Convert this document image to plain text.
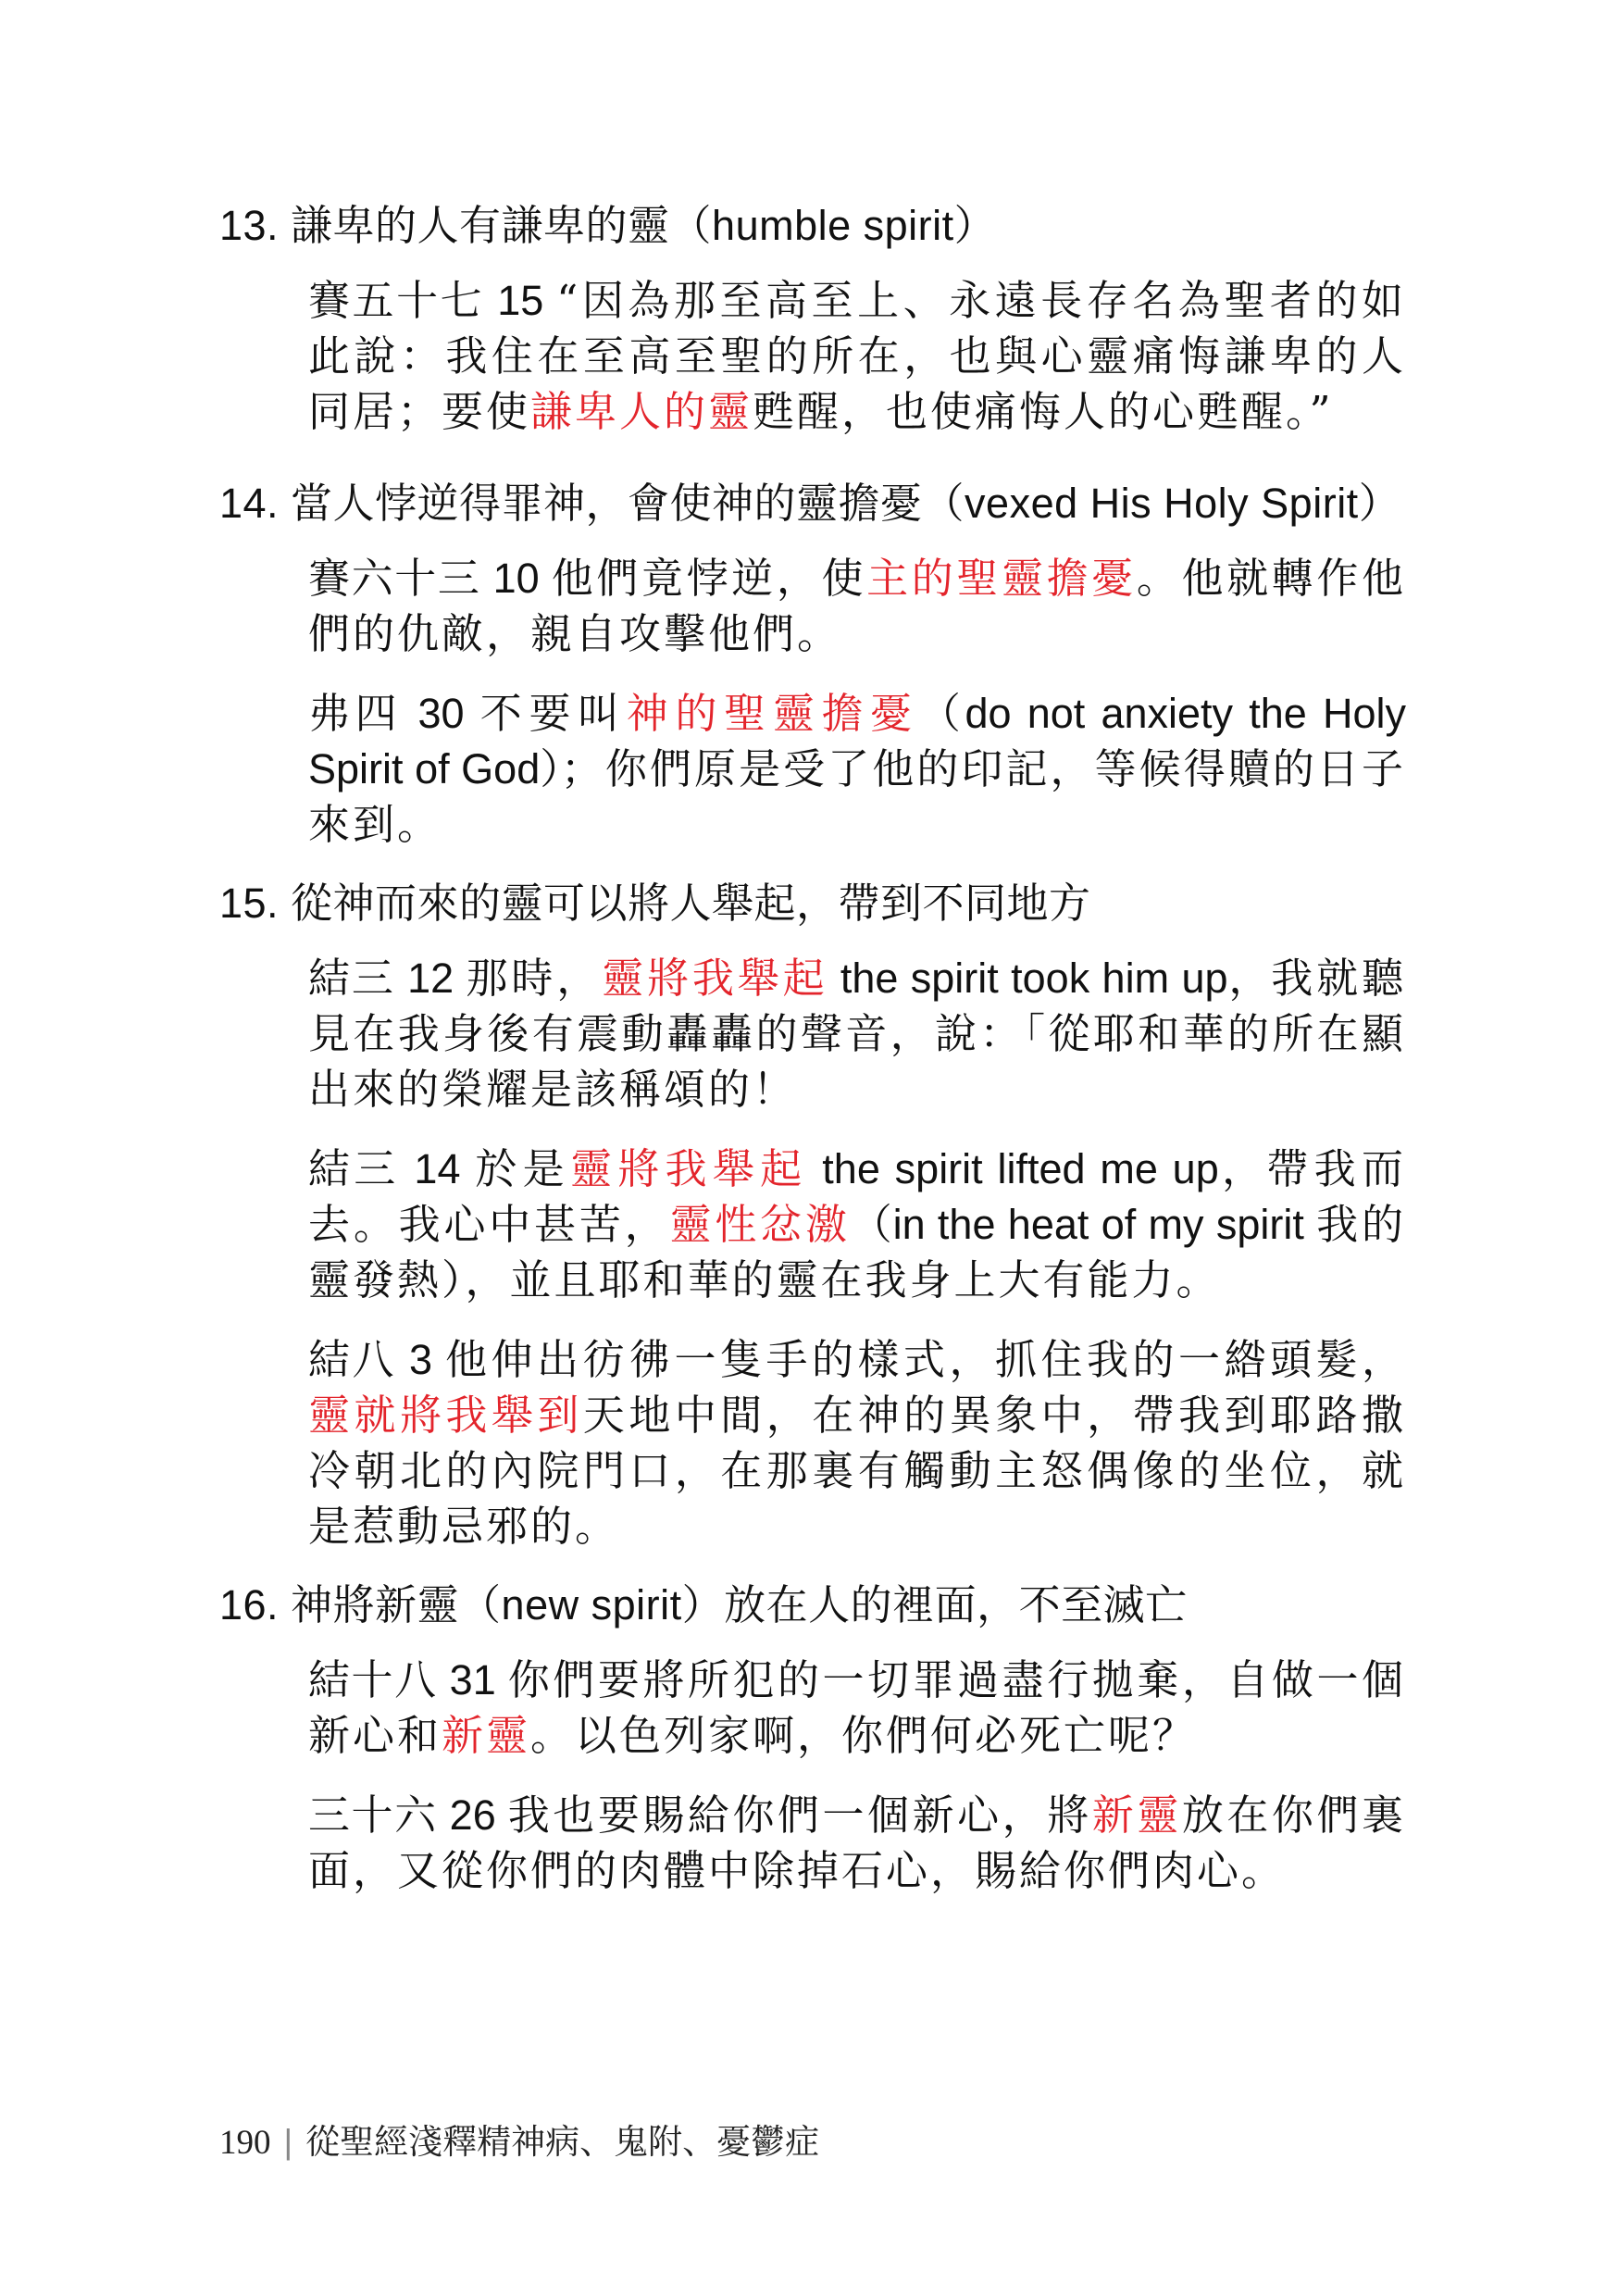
13. 謙卑的人有謙卑的靈（humble spirit）
賽五十七 15 “因為那至高至上、永遠長存名為聖者的如此說：我住在至高至聖的所在，也與心靈痛悔謙卑的人同居；要使謙卑人的靈甦醒，也使痛悔人的心甦醒。”
14. 當人悖逆得罪神，會使神的靈擔憂（vexed His Holy Spirit）
賽六十三 10 他們竟悖逆，使主的聖靈擔憂。他就轉作他們的仇敵，親自攻擊他們。
弗四 30 不要叫神的聖靈擔憂（do not anxiety the Holy Spirit of God）；你們原是受了他的印記，等候得贖的日子來到。
15. 從神而來的靈可以將人舉起，帶到不同地方
結三 12 那時，靈將我舉起 the spirit took him up，我就聽見在我身後有震動轟轟的聲音，說：「從耶和華的所在顯出來的榮耀是該稱頌的！
結三 14 於是靈將我舉起 the spirit lifted me up，帶我而去。我心中甚苦，靈性忿激（in the heat of my spirit 我的靈發熱），並且耶和華的靈在我身上大有能力。
結八 3 他伸出彷彿一隻手的樣式，抓住我的一綹頭髮，靈就將我舉到天地中間，在神的異象中，帶我到耶路撒冷朝北的內院門口，在那裏有觸動主怒偶像的坐位，就是惹動忌邪的。
16. 神將新靈（new spirit）放在人的裡面，不至滅亡
結十八 31 你們要將所犯的一切罪過盡行拋棄，自做一個新心和新靈。以色列家啊，你們何必死亡呢？
三十六 26 我也要賜給你們一個新心，將新靈放在你們裏面，又從你們的肉體中除掉石心，賜給你們肉心。
190 | 從聖經淺釋精神病、鬼附、憂鬱症
